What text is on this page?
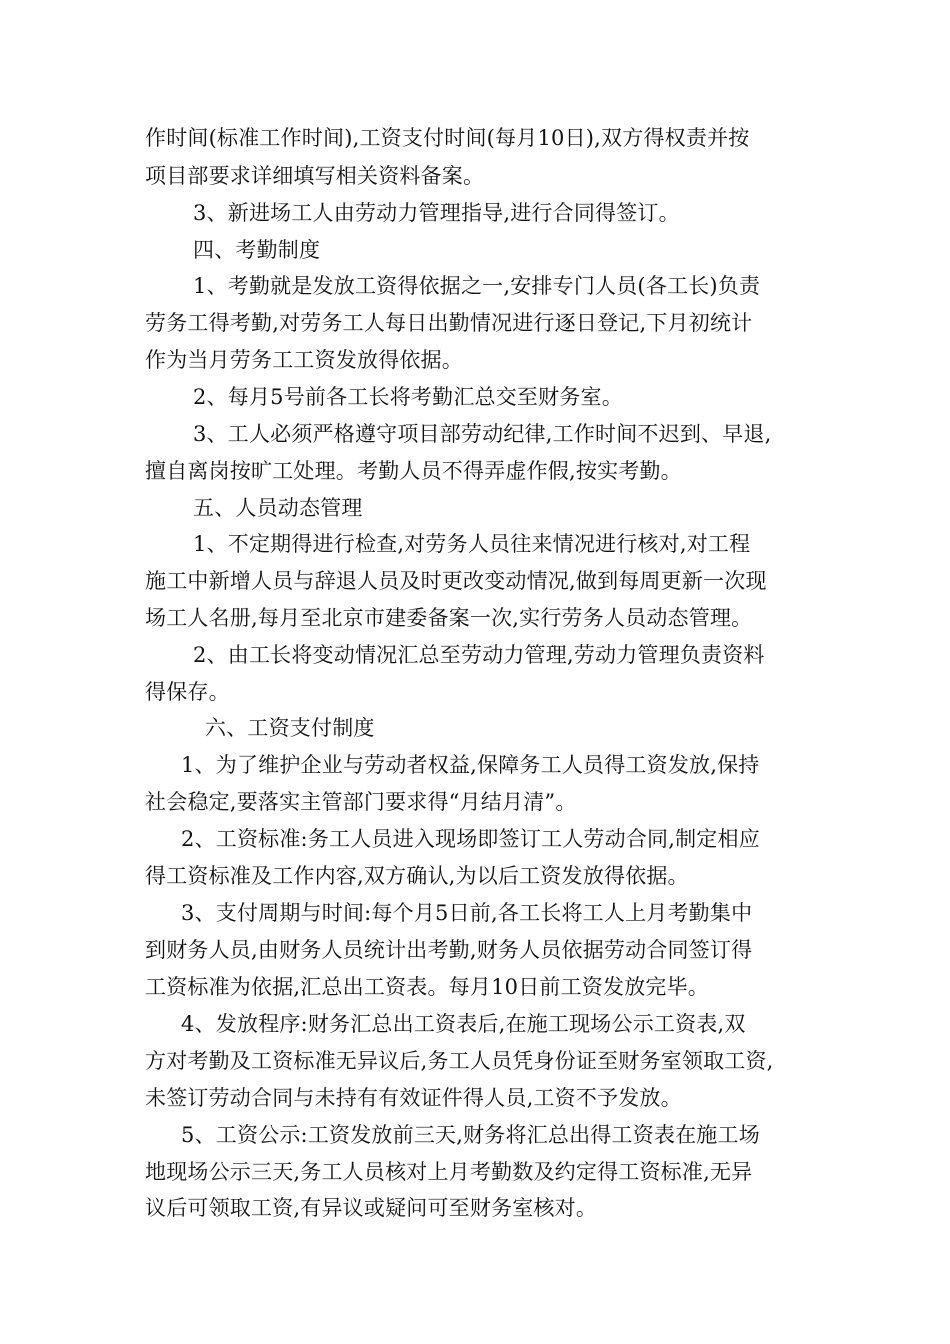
作时间(标准工作时间),工资支付时间(每月10日),双方得权责并按
项目部要求详细填写相关资料备案。
3、新进场工人由劳动力管理指导,进行合同得签订。
四、考勤制度
1、考勤就是发放工资得依据之一,安排专门人员(各工长)负责
劳务工得考勤,对劳务工人每日出勤情况进行逐日登记,下月初统计
作为当月劳务工工资发放得依据。
2、每月5号前各工长将考勤汇总交至财务室。
3、工人必须严格遵守项目部劳动纪律,工作时间不迟到、早退,
擅自离岗按旷工处理。考勤人员不得弄虚作假,按实考勤。
五、人员动态管理
1、不定期得进行检查,对劳务人员往来情况进行核对,对工程
施工中新增人员与辞退人员及时更改变动情况,做到每周更新一次现
场工人名册,每月至北京市建委备案一次,实行劳务人员动态管理。
2、由工长将变动情况汇总至劳动力管理,劳动力管理负责资料
得保存。
六、工资支付制度
1、为了维护企业与劳动者权益,保障务工人员得工资发放,保持
社会稳定,要落实主管部门要求得“月结月清”。
2、工资标准:务工人员进入现场即签订工人劳动合同,制定相应
得工资标准及工作内容,双方确认,为以后工资发放得依据。
3、支付周期与时间:每个月5日前,各工长将工人上月考勤集中
到财务人员,由财务人员统计出考勤,财务人员依据劳动合同签订得
工资标准为依据,汇总出工资表。每月10日前工资发放完毕。
4、发放程序:财务汇总出工资表后,在施工现场公示工资表,双
方对考勤及工资标准无异议后,务工人员凭身份证至财务室领取工资,
未签订劳动合同与未持有有效证件得人员,工资不予发放。
5、工资公示:工资发放前三天,财务将汇总出得工资表在施工场
地现场公示三天,务工人员核对上月考勤数及约定得工资标准,无异
议后可领取工资,有异议或疑问可至财务室核对。
